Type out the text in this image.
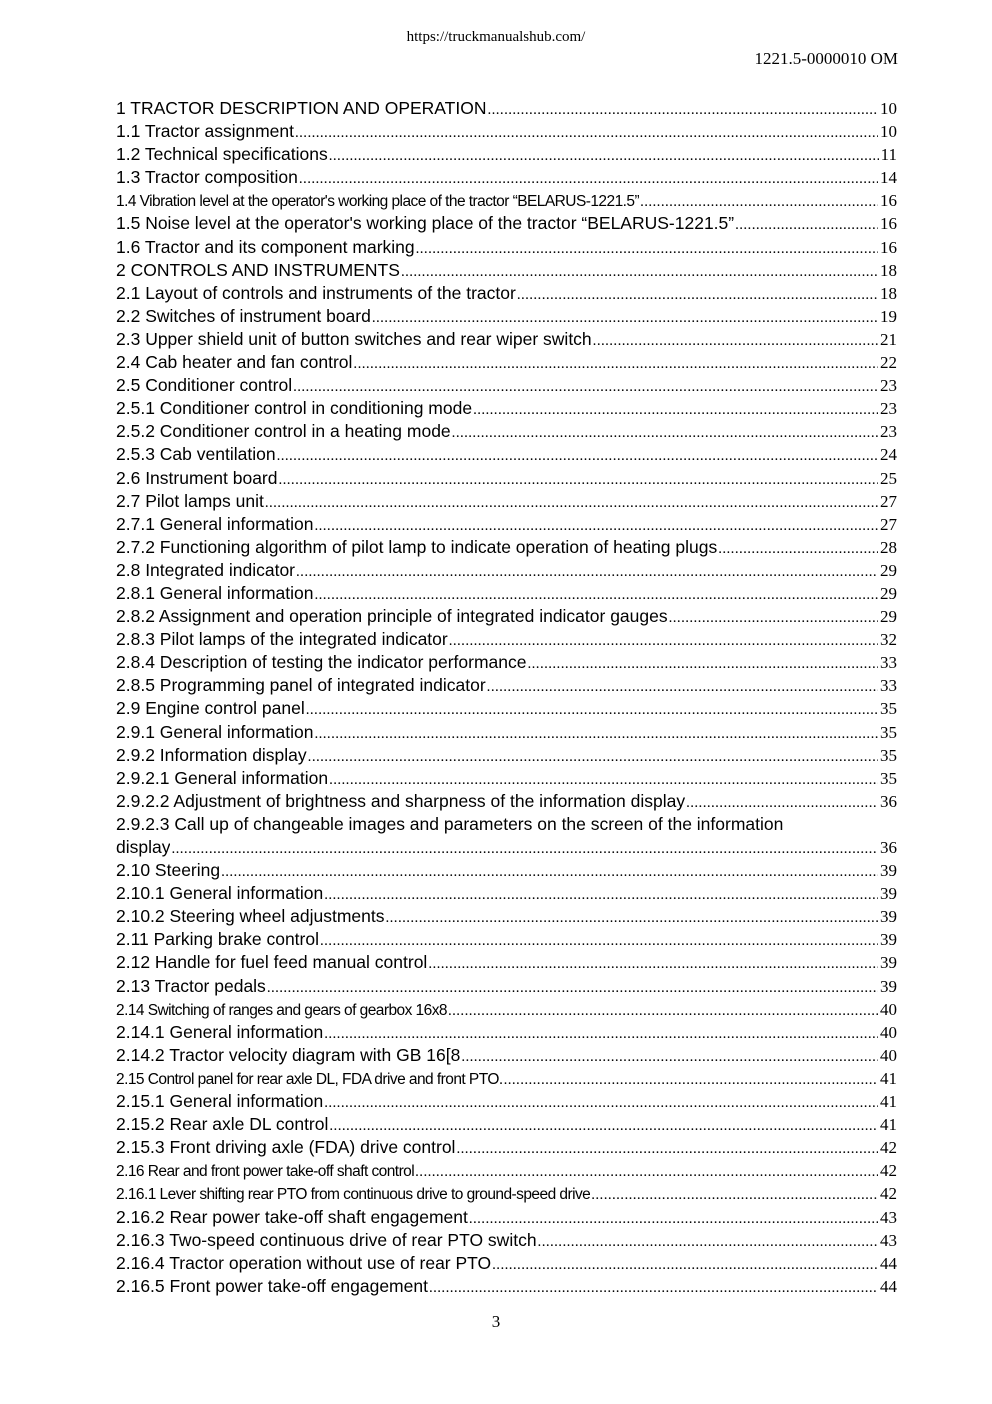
https://truckmanualshub.com/
1221.5-0000010 OM
1 TRACTOR DESCRIPTION AND OPERATION .....	10
1.1 Tractor assignment .....	10
1.2 Technical specifications .....	11
1.3 Tractor composition .....	14
1.4 Vibration level at the operator's working place of the tractor “BELARUS-1221.5” .....	16
1.5 Noise level at the operator's working place of the tractor “BELARUS-1221.5” .....	16
1.6 Tractor and its component marking .....	16
2 CONTROLS AND INSTRUMENTS .....	18
2.1 Layout of controls and instruments of the tractor .....	18
2.2 Switches of instrument board .....	19
2.3 Upper shield unit of button switches and rear wiper switch .....	21
2.4 Cab heater and fan control .....	22
2.5 Conditioner control .....	23
2.5.1 Conditioner control in conditioning mode .....	23
2.5.2 Conditioner control in a heating mode .....	23
2.5.3 Cab ventilation .....	24
2.6 Instrument board .....	25
2.7 Pilot lamps unit .....	27
2.7.1 General information .....	27
2.7.2 Functioning algorithm of pilot lamp to indicate operation of heating plugs .....	28
2.8 Integrated indicator .....	29
2.8.1 General information .....	29
2.8.2 Assignment and operation principle of integrated indicator gauges .....	29
2.8.3 Pilot lamps of the integrated indicator .....	32
2.8.4 Description of testing the indicator performance .....	33
2.8.5 Programming panel of integrated indicator .....	33
2.9 Engine control panel .....	35
2.9.1 General information .....	35
2.9.2 Information display .....	35
2.9.2.1 General information .....	35
2.9.2.2 Adjustment of brightness and sharpness of the information display .....	36
2.9.2.3 Call up of changeable images and parameters on the screen of the information
display .....	36
2.10 Steering .....	39
2.10.1 General information .....	39
2.10.2 Steering wheel adjustments .....	39
2.11 Parking brake control .....	39
2.12 Handle for fuel feed manual control .....	39
2.13 Tractor pedals .....	39
2.14 Switching of ranges and gears of gearbox 16x8 .....	40
2.14.1 General information .....	40
2.14.2 Tractor velocity diagram with GB 16[8 .....	40
2.15 Control panel for rear axle DL, FDA drive and front PTO. .....	41
2.15.1 General information .....	41
2.15.2 Rear axle DL control .....	41
2.15.3 Front driving axle (FDA) drive control .....	42
2.16 Rear and front power take-off shaft control .....	42
2.16.1 Lever shifting rear PTO from continuous drive to ground-speed drive .....	42
2.16.2 Rear power take-off shaft engagement .....	43
2.16.3 Two-speed continuous drive of rear PTO switch .....	43
2.16.4 Tractor operation without use of rear PTO .....	44
2.16.5 Front power take-off engagement .....	44
3
